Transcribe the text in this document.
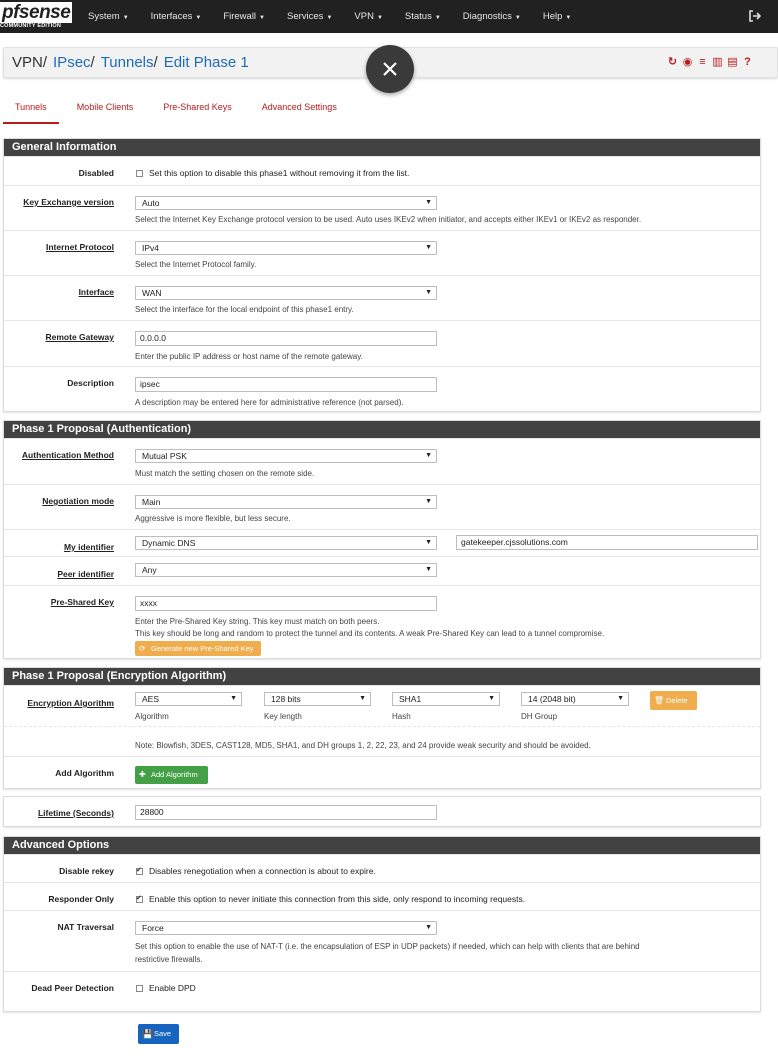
pfsense
COMMUNITY EDITION
System ▼ Interfaces ▼ Firewall ▼ Services ▼ VPN ▼ Status ▼ Diagnostics ▼ Help ▼
VPN/ IPsec/ Tunnels/ Edit Phase 1	↻ ◉ ≡ ▥ ▤ ?
Tunnels	Mobile Clients	Pre-Shared Keys	Advanced Settings
General Information
Disabled	Set this option to disable this phase1 without removing it from the list.
Key Exchange version	Auto	▼
Select the Internet Key Exchange protocol version to be used. Auto uses IKEv2 when initiator, and accepts either IKEv1 or IKEv2 as responder.
Internet Protocol	IPv4	▼
Select the Internet Protocol family.
Interface	WAN	▼
Select the interface for the local endpoint of this phase1 entry.
Remote Gateway	0.0.0.0
Enter the public IP address or host name of the remote gateway.
Description	ipsec
A description may be entered here for administrative reference (not parsed).
Phase 1 Proposal (Authentication)
Authentication Method	Mutual PSK	▼
Must match the setting chosen on the remote side.
Negotiation mode	Main	▼
Aggressive is more flexible, but less secure.
My identifier	Dynamic DNS	▼	gatekeeper.cjssolutions.com
Peer identifier	Any	▼
Pre-Shared Key	xxxx
Enter the Pre-Shared Key string. This key must match on both peers.
This key should be long and random to protect the tunnel and its contents. A weak Pre-Shared Key can lead to a tunnel compromise.
⟳ Generate new Pre-Shared Key
Phase 1 Proposal (Encryption Algorithm)
Encryption Algorithm	AES	▼
Algorithm
128 bits	▼
Key length
SHA1	▼
Hash
14 (2048 bit)	▼
DH Group
🗑 Delete
Note: Blowfish, 3DES, CAST128, MD5, SHA1, and DH groups 1, 2, 22, 23, and 24 provide weak security and should be avoided.
Add Algorithm	✚ Add Algorithm
Lifetime (Seconds)	28800
Advanced Options
Disable rekey ✔	Disables renegotiation when a connection is about to expire.
Responder Only ✔	Enable this option to never initiate this connection from this side, only respond to incoming requests.
NAT Traversal	Force	▼
Set this option to enable the use of NAT-T (i.e. the encapsulation of ESP in UDP packets) if needed, which can help with clients that are behind
restrictive firewalls.
Dead Peer Detection	Enable DPD
💾 Save
